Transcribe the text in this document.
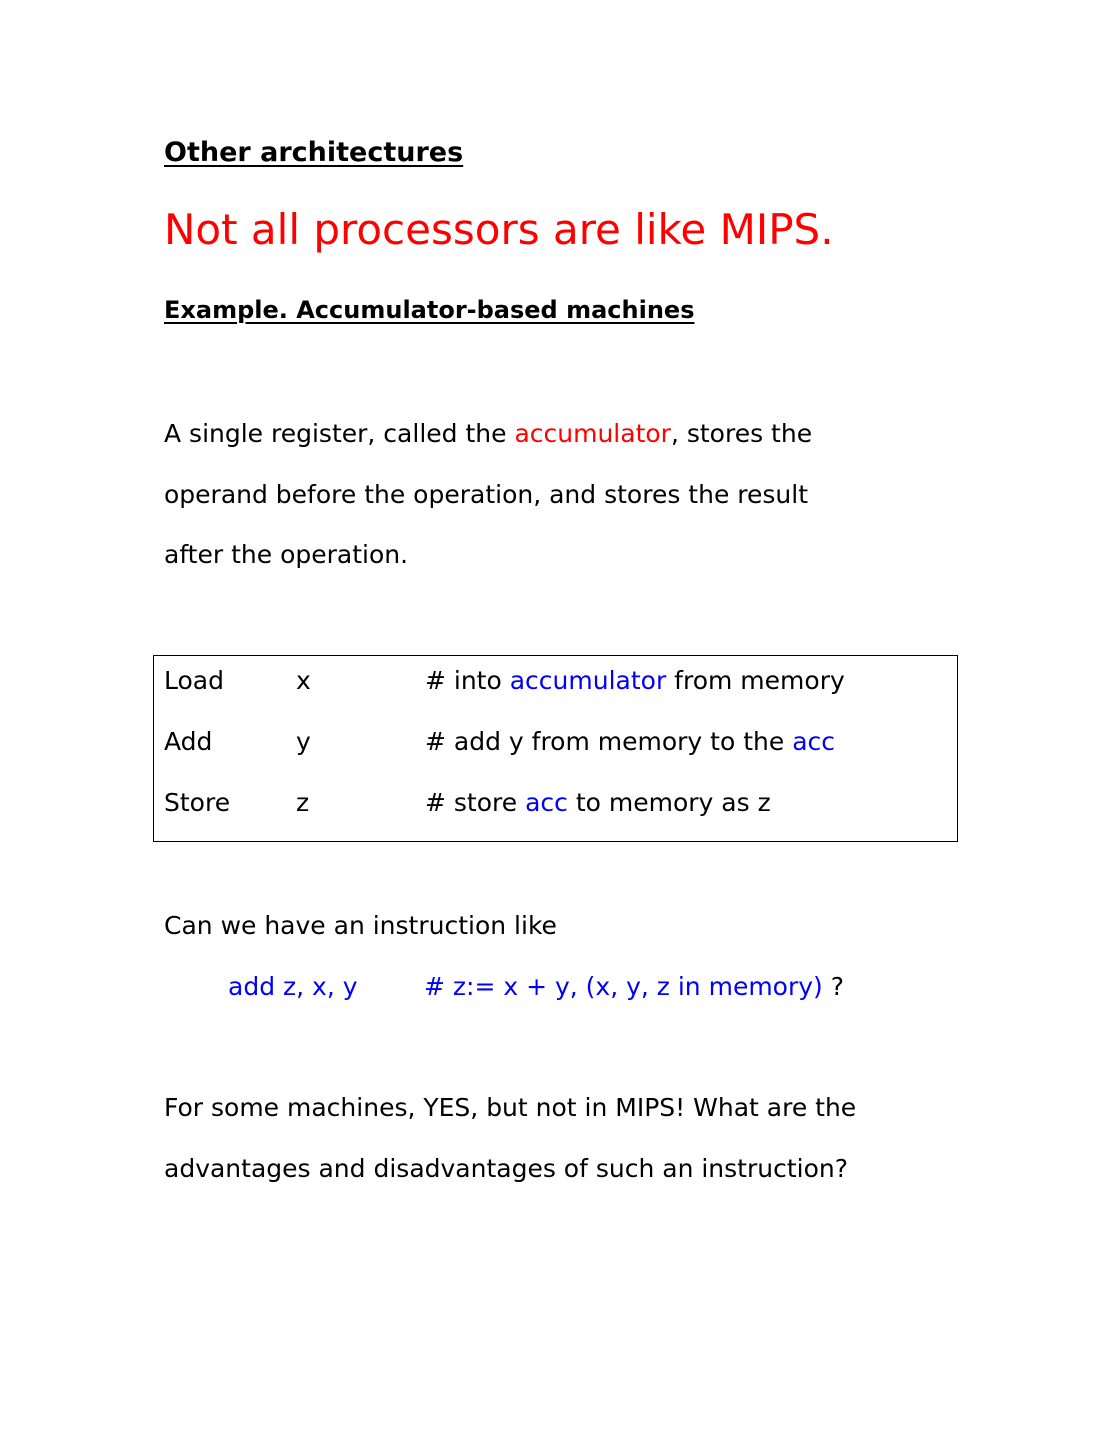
Other architectures
Not all processors are like MIPS.
Example. Accumulator-based machines
A single register, called the accumulator, stores the
operand before the operation, and stores the result
after the operation.
Load	x	# into accumulator from memory
Add	y	# add y from memory to the acc
Store	z	# store acc to memory as z
Can we have an instruction like
add z, x, y	# z:= x + y, (x, y, z in memory) ?
For some machines, YES, but not in MIPS! What are the
advantages and disadvantages of such an instruction?
